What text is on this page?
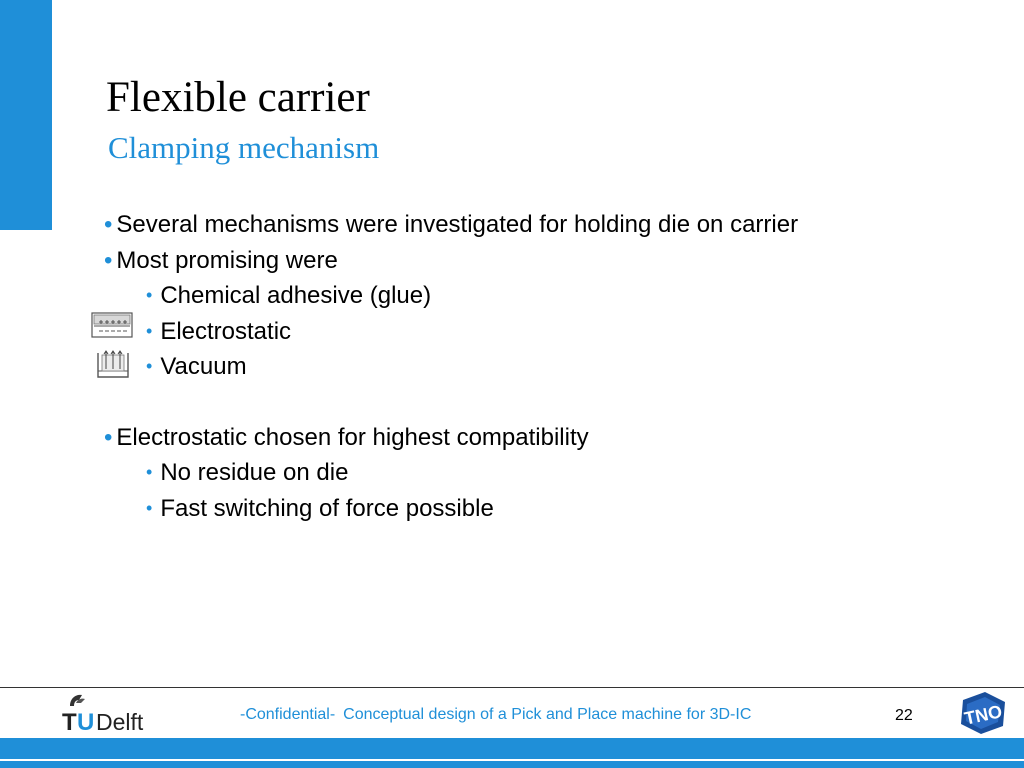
Flexible carrier
Clamping mechanism
• Several mechanisms were investigated for holding die on carrier
• Most promising were
• Chemical adhesive (glue)
• Electrostatic
• Vacuum
• Electrostatic chosen for highest compatibility
• No residue on die
• Fast switching of force possible
T U Delft	-Confidential- Conceptual design of a Pick and Place machine for 3D-IC	22	TNO
